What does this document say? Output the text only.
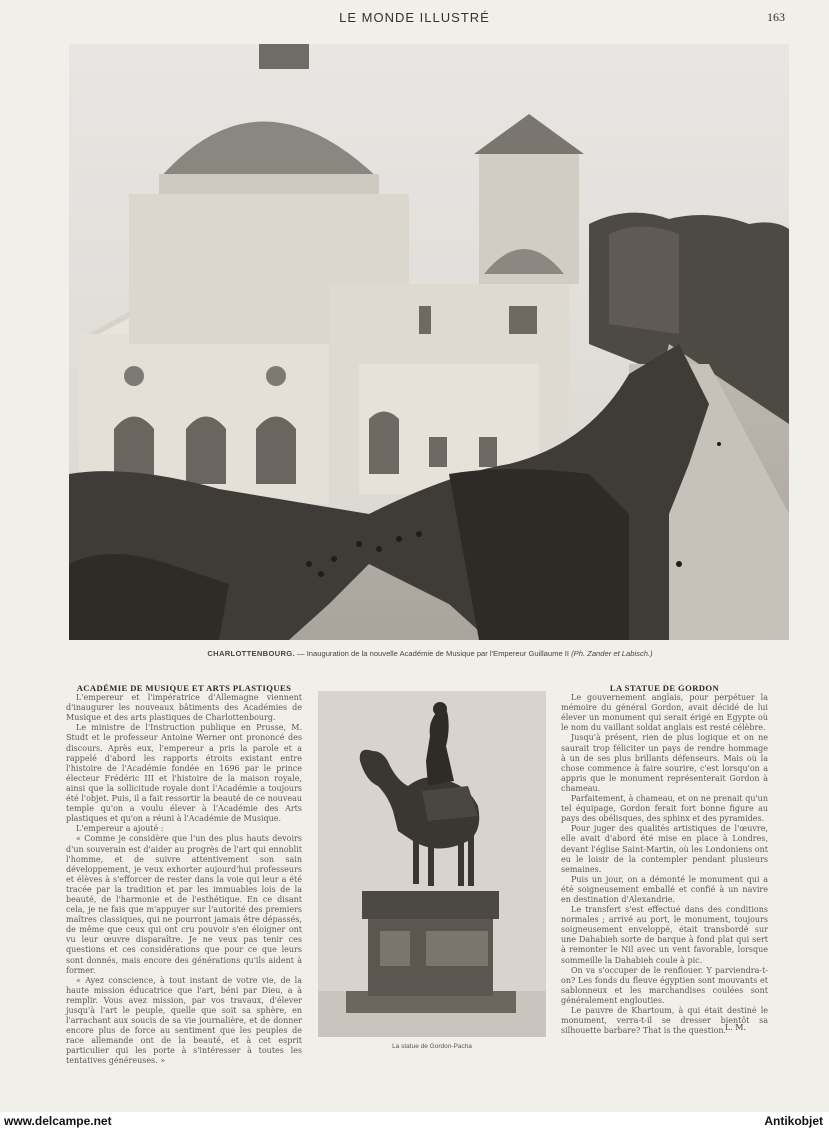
LE MONDE ILLUSTRÉ	163
CHARLOTTENBOURG. — Inauguration de la nouvelle Académie de Musique par l'Empereur Guillaume II (Ph. Zander et Labisch.)

ACADÉMIE DE MUSIQUE ET ARTS PLASTIQUES

L'empereur et l'impératrice d'Allemagne viennent d'inaugurer les nouveaux bâtiments des Académies de Musique et des arts plastiques de Charlottenbourg.

Le ministre de l'Instruction publique en Prusse, M. Studt et le professeur Antoine Werner ont prononcé des discours. Après eux, l'empereur a pris la parole et a rappelé d'abord les rapports étroits existant entre l'histoire de l'Académie fondée en 1696 par le prince électeur Frédéric III et l'histoire de la maison royale, ainsi que la sollicitude royale dont l'Académie a toujours été l'objet. Puis, il a fait ressortir la beauté de ce nouveau temple qu'on a voulu élever à l'Académie des Arts plastiques et qu'on a réuni à l'Académie de Musique.

L'empereur a ajouté :

« Comme je considère que l'un des plus hauts devoirs d'un souverain est d'aider au progrès de l'art qui ennoblit l'homme, et de suivre attentivement son sain développement, je veux exhorter aujourd'hui professeurs et élèves à s'efforcer de rester dans la voie qui leur a été tracée par la tradition et par les immuables lois de la beauté, de l'harmonie et de l'esthétique. En ce disant cela, je ne fais que m'appuyer sur l'autorité des premiers maîtres classiques, qui ne pourront jamais être dépassés, de même que ceux qui ont cru pouvoir s'en éloigner ont vu leur œuvre disparaître. Je ne veux pas tenir ces questions et ces considérations que pour ce que leurs sont donnés, mais encore des générations qu'ils aident à former.

« Ayez conscience, à tout instant de votre vie, de la haute mission éducatrice que l'art, béni par Dieu, a à remplir. Vous avez mission, par vos travaux, d'élever jusqu'à l'art le peuple, quelle que soit sa sphère, en l'arrachant aux soucis de sa vie journalière, et de donner encore plus de force au sentiment que les peuples de race allemande ont de la beauté, et à cet esprit particulier qui les porte à s'intéresser à toutes les tentatives généreuses. »

La statue de Gordon-Pacha

LA STATUE DE GORDON

Le gouvernement anglais, pour perpétuer la mémoire du général Gordon, avait décidé de lui élever un monument qui serait érigé en Egypte où le nom du vaillant soldat anglais est resté célèbre.

Jusqu'à présent, rien de plus logique et on ne saurait trop féliciter un pays de rendre hommage à un de ses plus brillants défenseurs. Mais où la chose commence à faire sourire, c'est lorsqu'on a appris que le monument représenterait Gordon à chameau.

Parfaitement, à chameau, et on ne prenait qu'un tel équipage, Gordon ferait fort bonne figure au pays des obélisques, des sphinx et des pyramides.

Pour juger des qualités artistiques de l'œuvre, elle avait d'abord été mise en place à Londres, devant l'église Saint-Martin, où les Londoniens ont eu le loisir de la contempler pendant plusieurs semaines.

Puis un jour, on a démonté le monument qui a été soigneusement emballé et confié à un navire en destination d'Alexandrie.

Le transfert s'est effectué dans des conditions normales ; arrivé au port, le monument, toujours soigneusement enveloppé, était transbordé sur une Dahabieh sorte de barque à fond plat qui sert à remonter le Nil avec un vent favorable, lorsque sommeille la Dahabieh coule à pic.

On va s'occuper de le renflouer. Y parviendra-t-on? Les fonds du fleuve égyptien sont mouvants et sablonneux et les marchandises coulées sont généralement englouties.

Le pauvre de Khartoum, à qui était destiné le monument, verra-t-il se dresser bientôt sa silhouette barbare? That is the question.

L. M.

www.delcampe.net	Antikobjet
